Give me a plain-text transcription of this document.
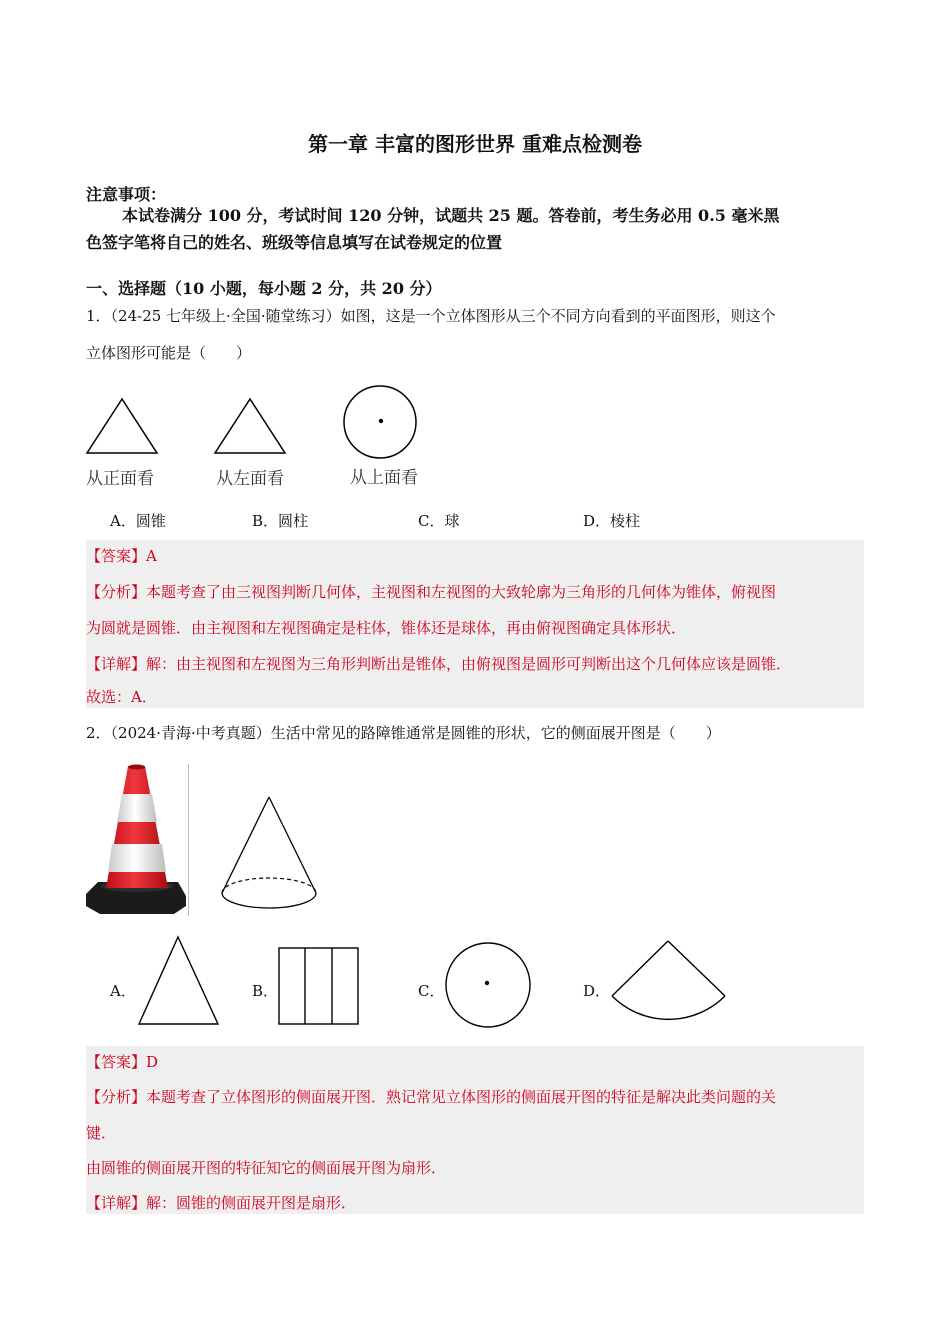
第一章 丰富的图形世界 重难点检测卷
注意事项：
本试卷满分 100 分，考试时间 120 分钟，试题共 25 题。答卷前，考生务必用 0.5 毫米黑
色签字笔将自己的姓名、班级等信息填写在试卷规定的位置
一、选择题（10 小题，每小题 2 分，共 20 分）
1．（24-25 七年级上·全国·随堂练习）如图，这是一个立体图形从三个不同方向看到的平面图形，则这个
立体图形可能是（　　）
从正面看	从左面看	从上面看
A．圆锥	B．圆柱	C．球	D．棱柱
【答案】A
【分析】本题考查了由三视图判断几何体，主视图和左视图的大致轮廓为三角形的几何体为锥体，俯视图
为圆就是圆锥．由主视图和左视图确定是柱体，锥体还是球体，再由俯视图确定具体形状．
【详解】解：由主视图和左视图为三角形判断出是锥体，由俯视图是圆形可判断出这个几何体应该是圆锥．
故选：A．
2．（2024·青海·中考真题）生活中常见的路障锥通常是圆锥的形状，它的侧面展开图是（　　）
A．	B．	C．	D．
【答案】D
【分析】本题考查了立体图形的侧面展开图．熟记常见立体图形的侧面展开图的特征是解决此类问题的关
键．
由圆锥的侧面展开图的特征知它的侧面展开图为扇形．
【详解】解：圆锥的侧面展开图是扇形．
